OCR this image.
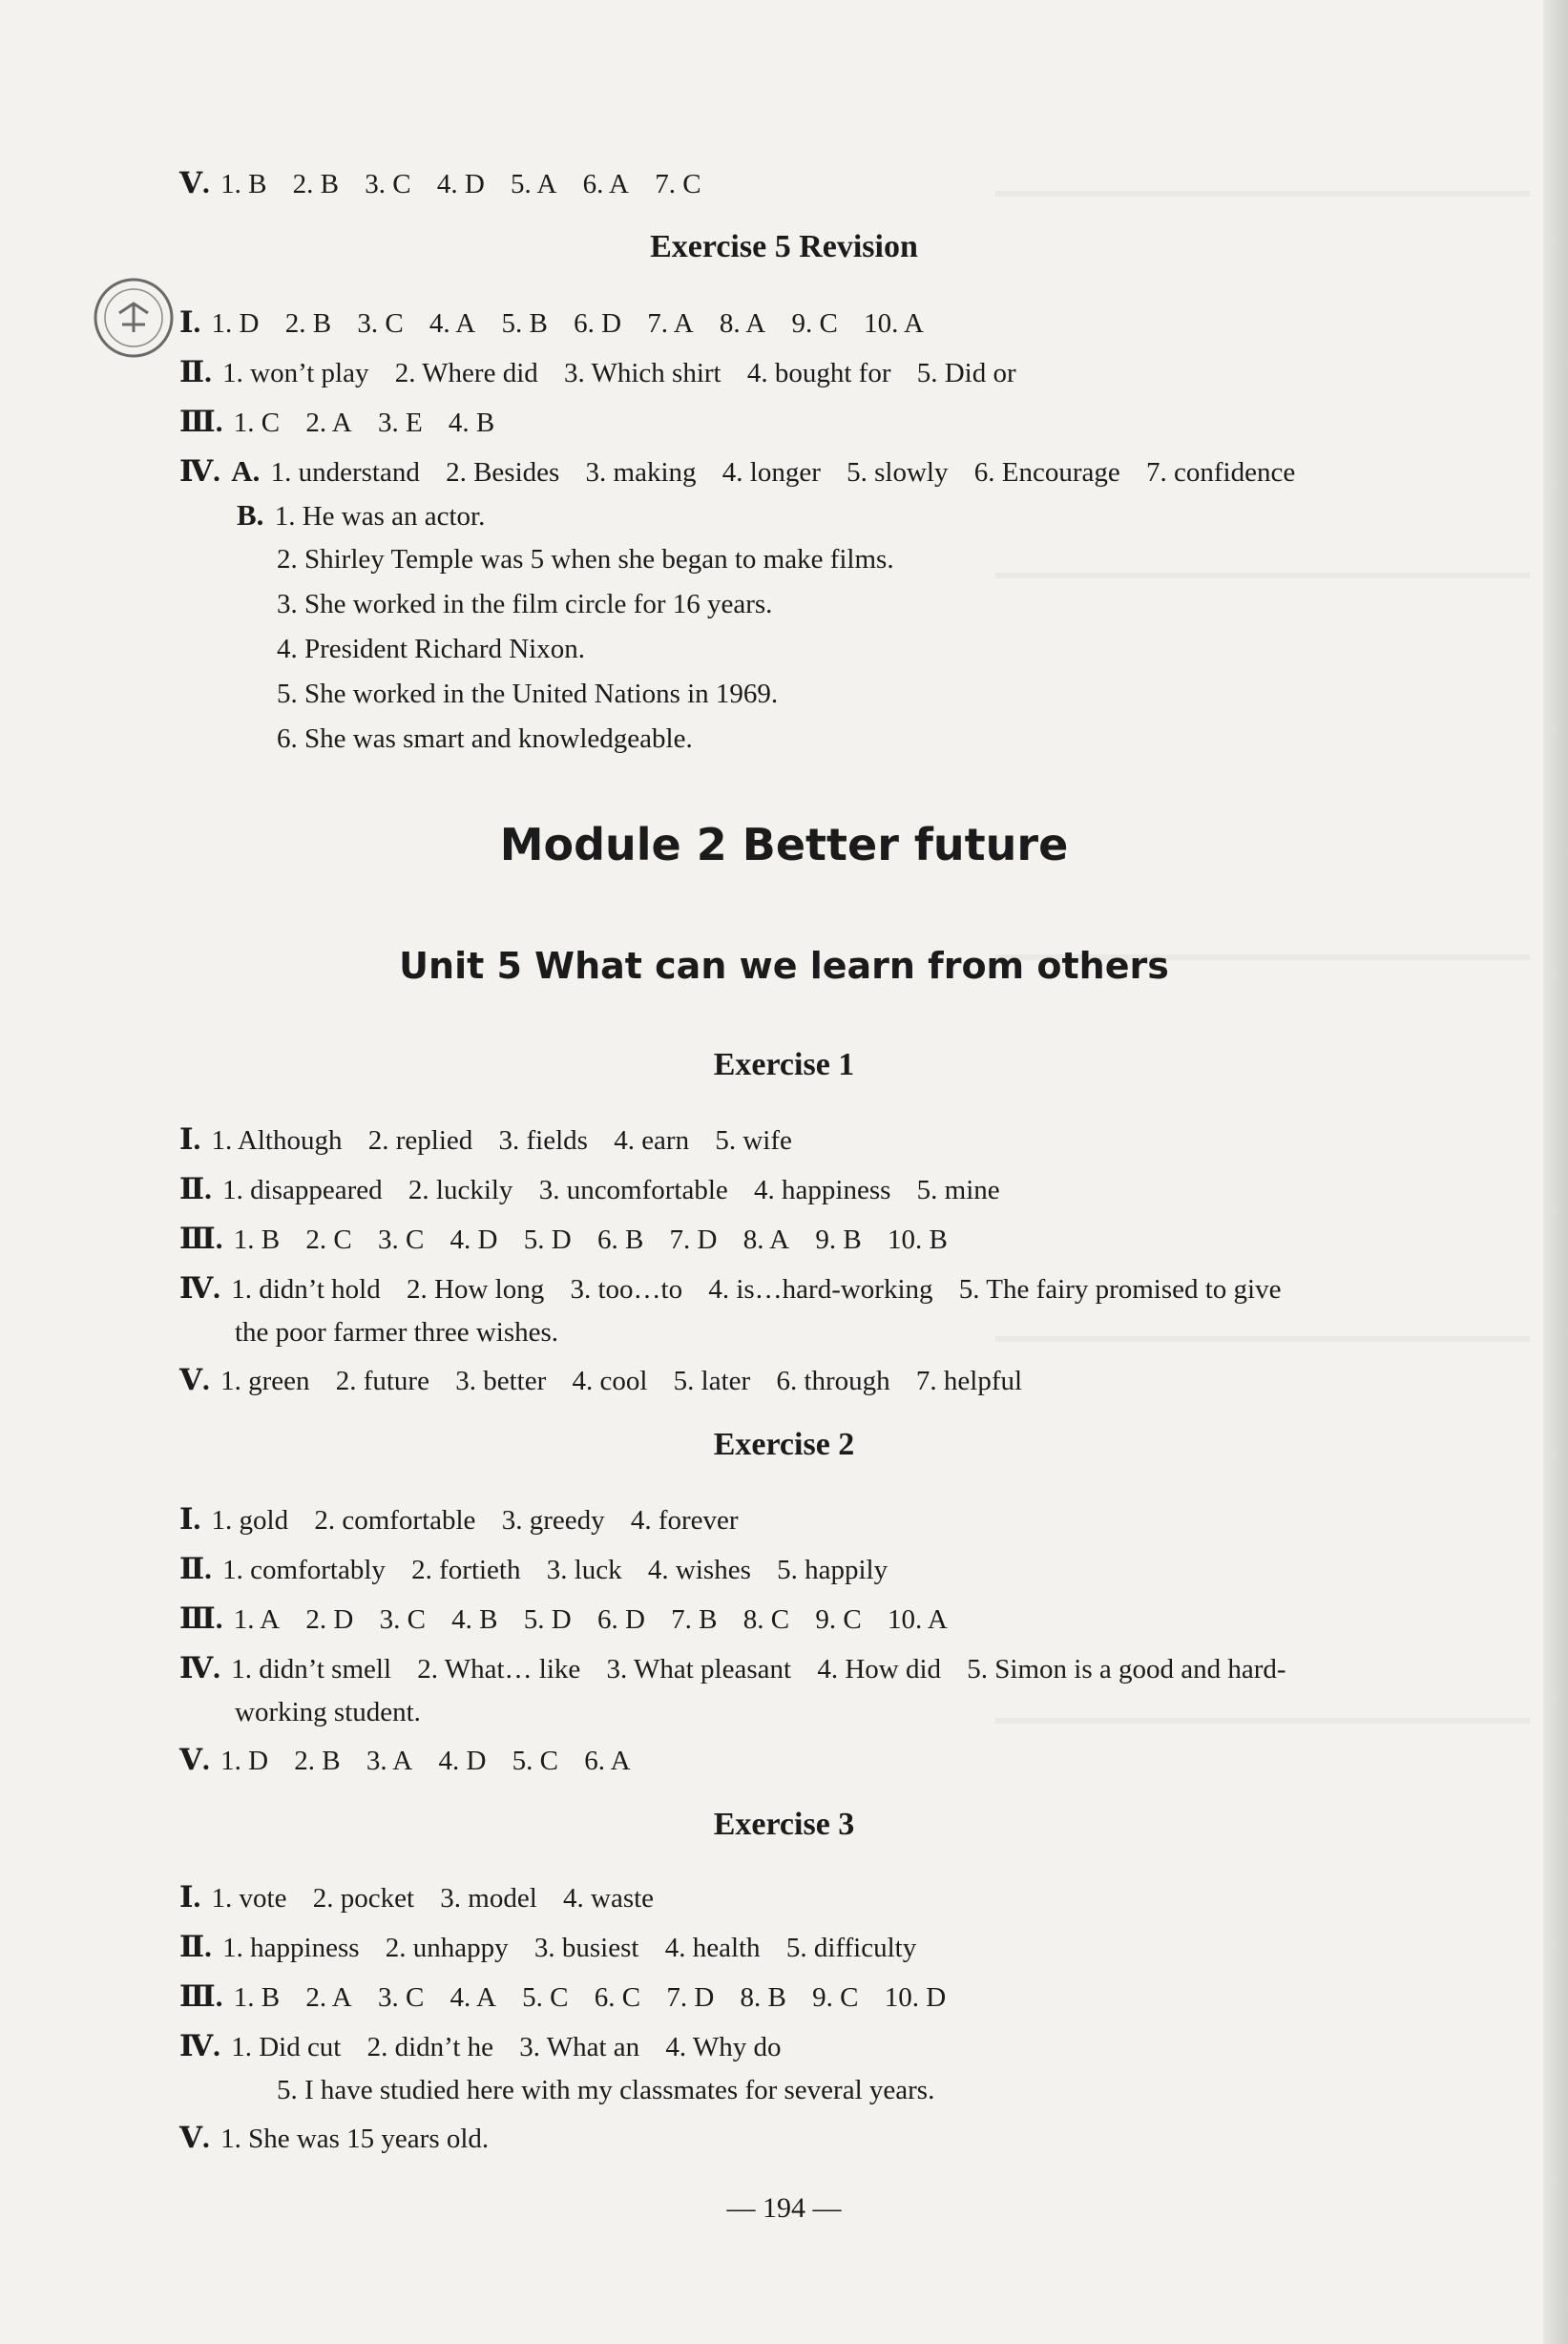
Ⅴ. 1. B 2. B 3. C 4. D 5. A 6. A 7. C
Exercise 5 Revision
Ⅰ. 1. D 2. B 3. C 4. A 5. B 6. D 7. A 8. A 9. C 10. A
Ⅱ. 1. won’t play 2. Where did 3. Which shirt 4. bought for 5. Did or
Ⅲ. 1. C 2. A 3. E 4. B
Ⅳ. A. 1. understand 2. Besides 3. making 4. longer 5. slowly 6. Encourage 7. confidence
B. 1. He was an actor.
2. Shirley Temple was 5 when she began to make films.
3. She worked in the film circle for 16 years.
4. President Richard Nixon.
5. She worked in the United Nations in 1969.
6. She was smart and knowledgeable.
Module 2 Better future
Unit 5 What can we learn from others
Exercise 1
Ⅰ. 1. Although 2. replied 3. fields 4. earn 5. wife
Ⅱ. 1. disappeared 2. luckily 3. uncomfortable 4. happiness 5. mine
Ⅲ. 1. B 2. C 3. C 4. D 5. D 6. B 7. D 8. A 9. B 10. B
Ⅳ. 1. didn’t hold 2. How long 3. too…to 4. is…hard-working 5. The fairy promised to give
the poor farmer three wishes.
Ⅴ. 1. green 2. future 3. better 4. cool 5. later 6. through 7. helpful
Exercise 2
Ⅰ. 1. gold 2. comfortable 3. greedy 4. forever
Ⅱ. 1. comfortably 2. fortieth 3. luck 4. wishes 5. happily
Ⅲ. 1. A 2. D 3. C 4. B 5. D 6. D 7. B 8. C 9. C 10. A
Ⅳ. 1. didn’t smell 2. What… like 3. What pleasant 4. How did 5. Simon is a good and hard-
working student.
Ⅴ. 1. D 2. B 3. A 4. D 5. C 6. A
Exercise 3
Ⅰ. 1. vote 2. pocket 3. model 4. waste
Ⅱ. 1. happiness 2. unhappy 3. busiest 4. health 5. difficulty
Ⅲ. 1. B 2. A 3. C 4. A 5. C 6. C 7. D 8. B 9. C 10. D
Ⅳ. 1. Did cut 2. didn’t he 3. What an 4. Why do
5. I have studied here with my classmates for several years.
Ⅴ. 1. She was 15 years old.
— 194 —
